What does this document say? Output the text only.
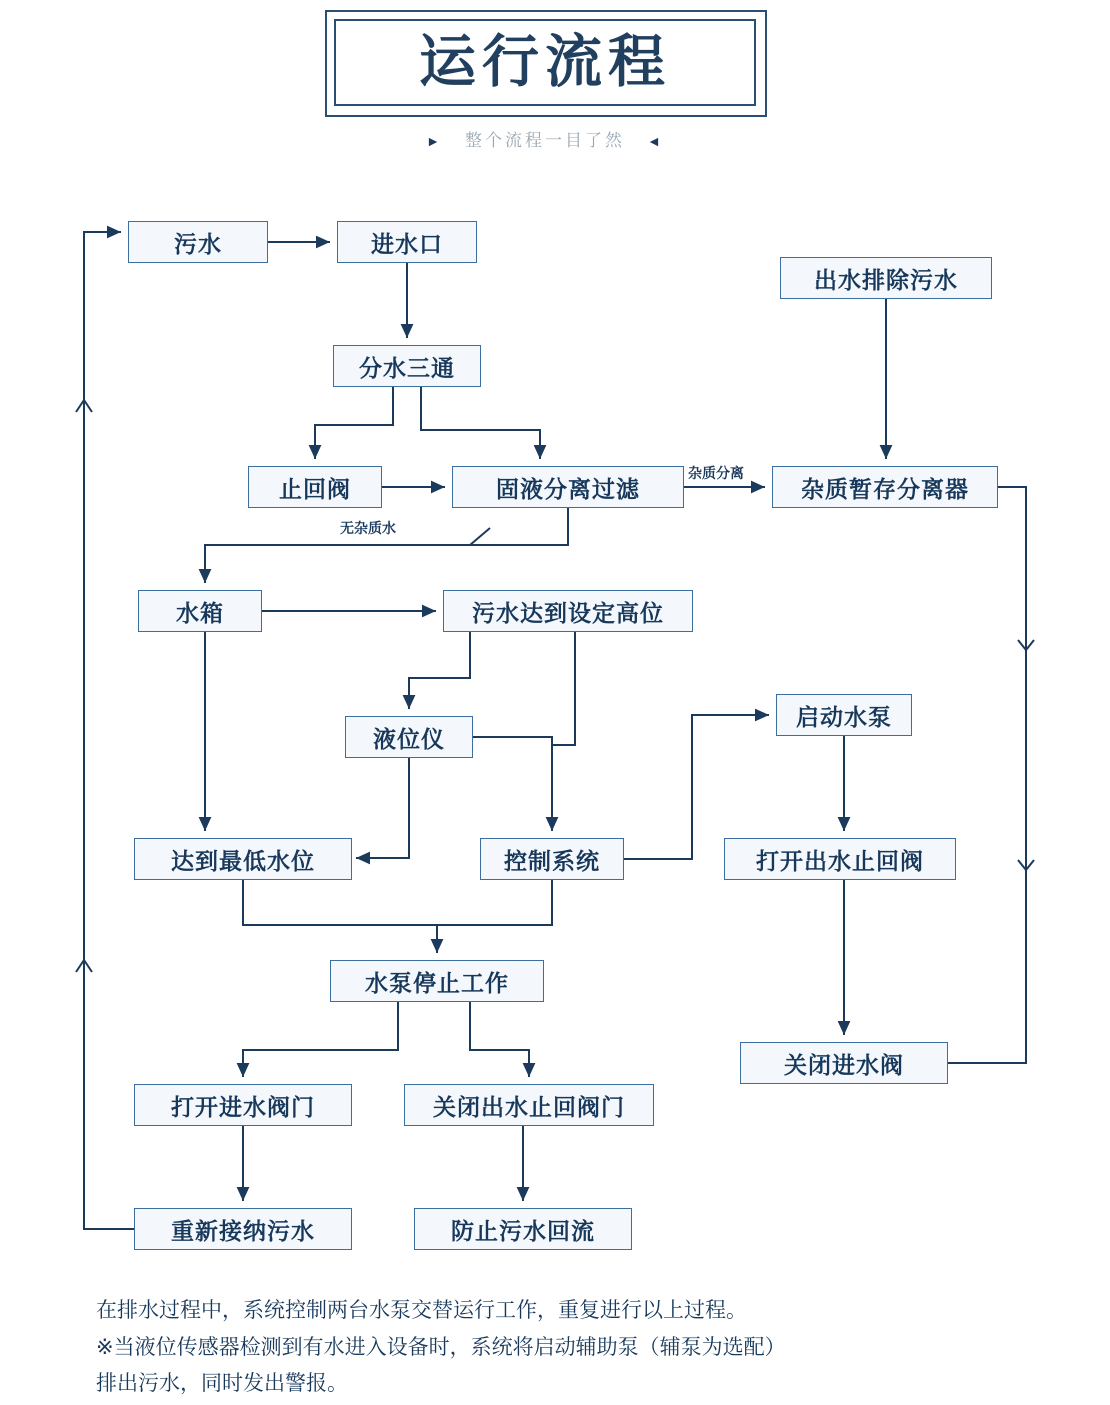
运行流程
► 整个流程一目了然 ◄
污水	进水口
分水三通
止回阀	固液分离过滤	杂质暂存分离器
出水排除污水
水箱	污水达到设定高位
液位仪
达到最低水位	控制系统
启动水泵
打开出水止回阀
关闭进水阀
水泵停止工作
打开进水阀门	关闭出水止回阀门
重新接纳污水	防止污水回流
杂质分离
无杂质水

在排水过程中，系统控制两台水泵交替运行工作，重复进行以上过程。

※当液位传感器检测到有水进入设备时，系统将启动辅助泵（辅泵为选配）

排出污水，同时发出警报。
